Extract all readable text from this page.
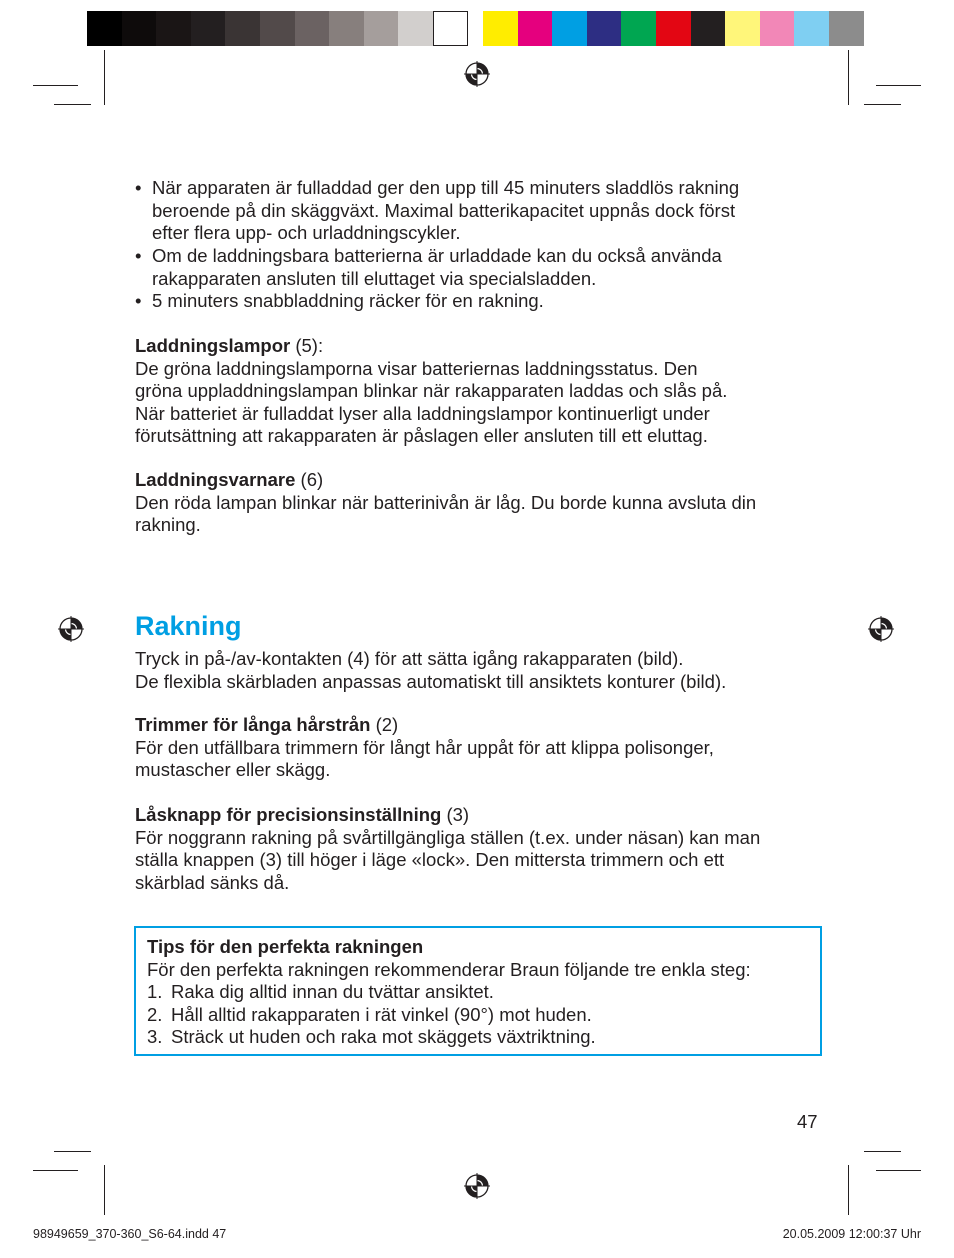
• När apparaten är fulladdad ger den upp till 45 minuters sladdlös rakning
beroende på din skäggväxt. Maximal batterikapacitet uppnås dock först
efter flera upp- och urladdningscykler.
• Om de laddningsbara batterierna är urladdade kan du också använda
rakapparaten ansluten till eluttaget via specialsladden.
• 5 minuters snabbladdning räcker för en rakning.
Laddningslampor (5):
De gröna laddningslamporna visar batteriernas laddningsstatus. Den
gröna uppladdningslampan blinkar när rakapparaten laddas och slås på.
När batteriet är fulladdat lyser alla laddningslampor kontinuerligt under
förutsättning att rakapparaten är påslagen eller ansluten till ett eluttag.
Laddningsvarnare (6)
Den röda lampan blinkar när batterinivån är låg. Du borde kunna avsluta din
rakning.
Rakning
Tryck in på-/av-kontakten (4) för att sätta igång rakapparaten (bild).
De flexibla skärbladen anpassas automatiskt till ansiktets konturer (bild).
Trimmer för långa hårstrån (2)
För den utfällbara trimmern för långt hår uppåt för att klippa polisonger,
mustascher eller skägg.
Låsknapp för precisionsinställning (3)
För noggrann rakning på svårtillgängliga ställen (t.ex. under näsan) kan man
ställa knappen (3) till höger i läge «lock». Den mittersta trimmern och ett
skärblad sänks då.
Tips för den perfekta rakningen
För den perfekta rakningen rekommenderar Braun följande tre enkla steg:
1. Raka dig alltid innan du tvättar ansiktet.
2. Håll alltid rakapparaten i rät vinkel (90°) mot huden.
3. Sträck ut huden och raka mot skäggets växtriktning.
47
98949659_370-360_S6-64.indd 47	20.05.2009 12:00:37 Uhr
